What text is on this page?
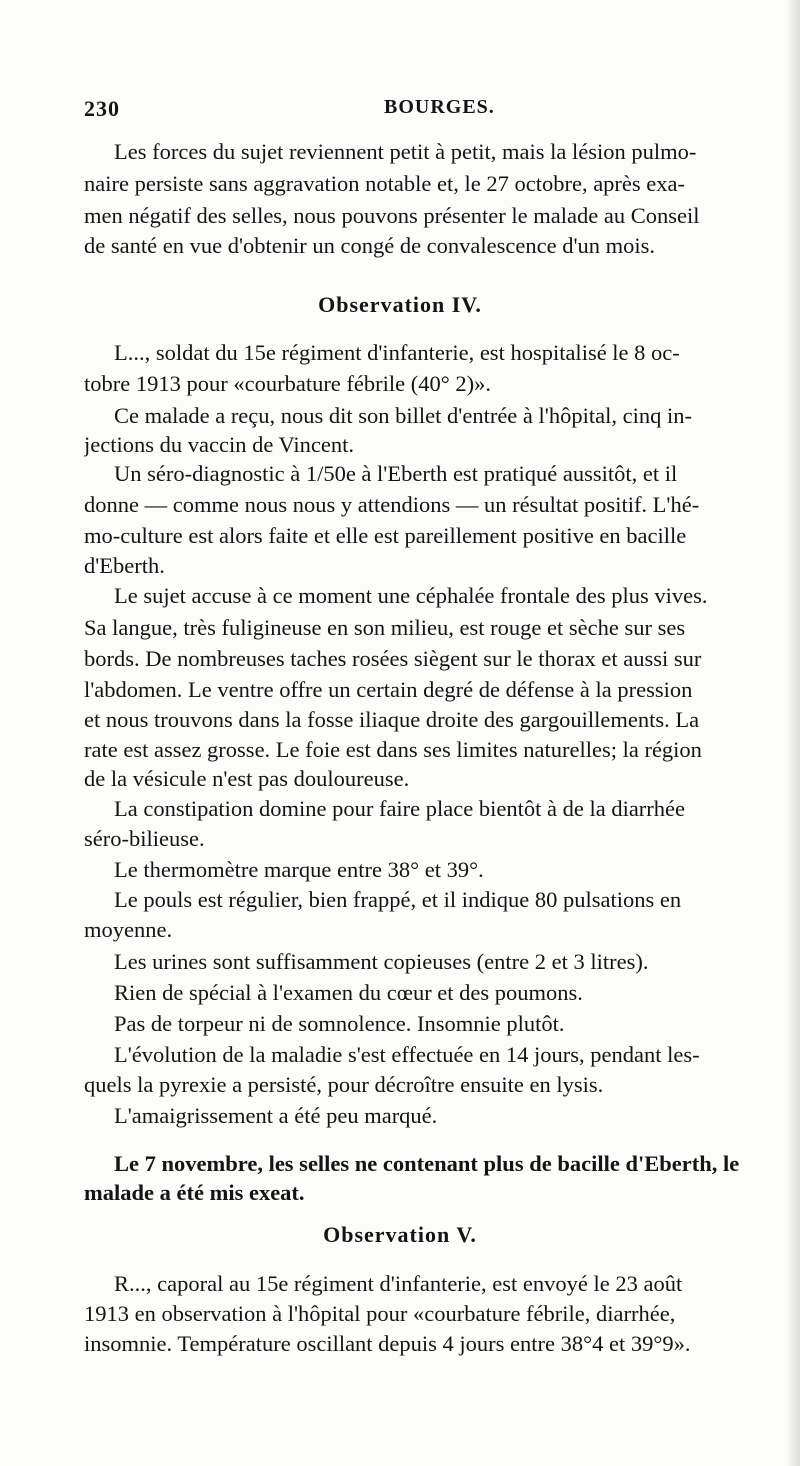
230	BOURGES.
Les forces du sujet reviennent petit à petit, mais la lésion pulmo-
naire persiste sans aggravation notable et, le 27 octobre, après exa-
men négatif des selles, nous pouvons présenter le malade au Conseil
de santé en vue d'obtenir un congé de convalescence d'un mois.
Observation IV.
L..., soldat du 15e régiment d'infanterie, est hospitalisé le 8 oc-
tobre 1913 pour «courbature fébrile (40° 2)».
Ce malade a reçu, nous dit son billet d'entrée à l'hôpital, cinq in-
jections du vaccin de Vincent.
Un séro-diagnostic à 1/50e à l'Eberth est pratiqué aussitôt, et il
donne — comme nous nous y attendions — un résultat positif. L'hé-
mo-culture est alors faite et elle est pareillement positive en bacille
d'Eberth.
Le sujet accuse à ce moment une céphalée frontale des plus vives.
Sa langue, très fuligineuse en son milieu, est rouge et sèche sur ses
bords. De nombreuses taches rosées siègent sur le thorax et aussi sur
l'abdomen. Le ventre offre un certain degré de défense à la pression
et nous trouvons dans la fosse iliaque droite des gargouillements. La
rate est assez grosse. Le foie est dans ses limites naturelles; la région
de la vésicule n'est pas douloureuse.
La constipation domine pour faire place bientôt à de la diarrhée
séro-bilieuse.
Le thermomètre marque entre 38° et 39°.
Le pouls est régulier, bien frappé, et il indique 80 pulsations en
moyenne.
Les urines sont suffisamment copieuses (entre 2 et 3 litres).
Rien de spécial à l'examen du cœur et des poumons.
Pas de torpeur ni de somnolence. Insomnie plutôt.
L'évolution de la maladie s'est effectuée en 14 jours, pendant les-
quels la pyrexie a persisté, pour décroître ensuite en lysis.
L'amaigrissement a été peu marqué.
Le 7 novembre, les selles ne contenant plus de bacille d'Eberth, le
malade a été mis exeat.
Observation V.
R..., caporal au 15e régiment d'infanterie, est envoyé le 23 août
1913 en observation à l'hôpital pour «courbature fébrile, diarrhée,
insomnie. Température oscillant depuis 4 jours entre 38°4 et 39°9».
